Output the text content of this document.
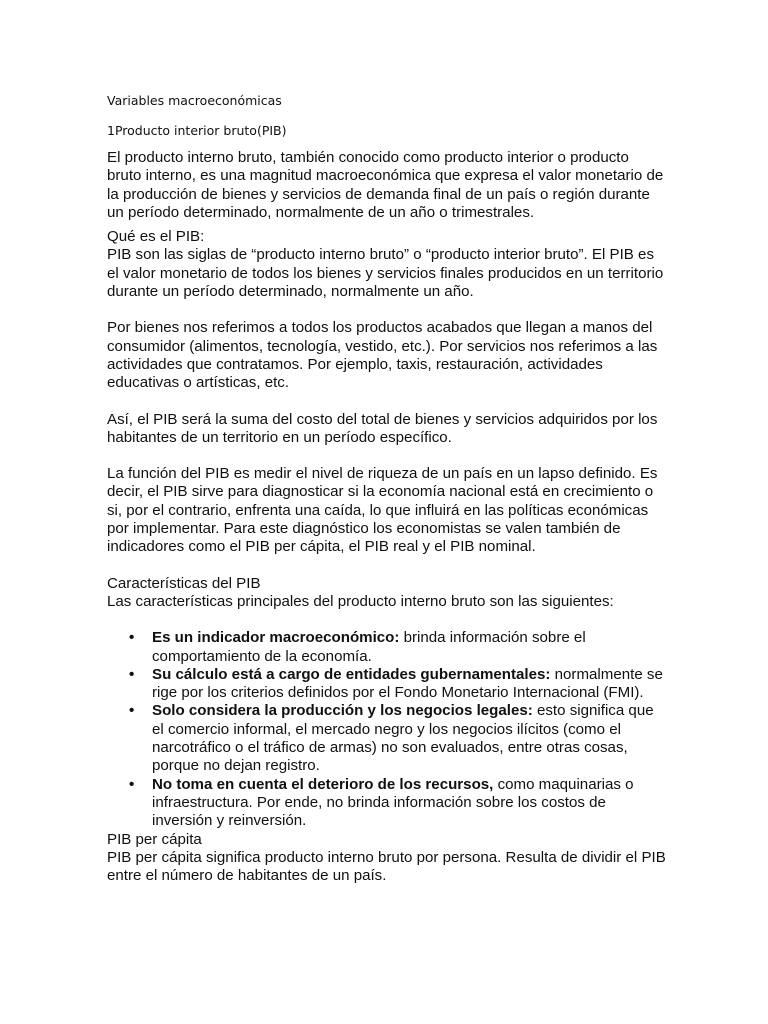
Variables macroeconómicas
1Producto interior bruto(PIB)

El producto interno bruto, también conocido como producto interior o producto bruto interno, es una magnitud macroeconómica que expresa el valor monetario de la producción de bienes y servicios de demanda final de un país o región durante un período determinado, normalmente de un año o trimestrales.

Qué es el PIB:

PIB son las siglas de “producto interno bruto” o “producto interior bruto”. El PIB es el valor monetario de todos los bienes y servicios finales producidos en un territorio durante un período determinado, normalmente un año.

Por bienes nos referimos a todos los productos acabados que llegan a manos del consumidor (alimentos, tecnología, vestido, etc.). Por servicios nos referimos a las actividades que contratamos. Por ejemplo, taxis, restauración, actividades educativas o artísticas, etc.

Así, el PIB será la suma del costo del total de bienes y servicios adquiridos por los habitantes de un territorio en un período específico.

La función del PIB es medir el nivel de riqueza de un país en un lapso definido. Es decir, el PIB sirve para diagnosticar si la economía nacional está en crecimiento o si, por el contrario, enfrenta una caída, lo que influirá en las políticas económicas por implementar. Para este diagnóstico los economistas se valen también de indicadores como el PIB per cápita, el PIB real y el PIB nominal.

Características del PIB

Las características principales del producto interno bruto son las siguientes:

• Es un indicador macroeconómico: brinda información sobre el comportamiento de la economía.
• Su cálculo está a cargo de entidades gubernamentales: normalmente se rige por los criterios definidos por el Fondo Monetario Internacional (FMI).
• Solo considera la producción y los negocios legales: esto significa que el comercio informal, el mercado negro y los negocios ilícitos (como el narcotráfico o el tráfico de armas) no son evaluados, entre otras cosas, porque no dejan registro.
• No toma en cuenta el deterioro de los recursos, como maquinarias o infraestructura. Por ende, no brinda información sobre los costos de inversión y reinversión.

PIB per cápita

PIB per cápita significa producto interno bruto por persona. Resulta de dividir el PIB entre el número de habitantes de un país.
